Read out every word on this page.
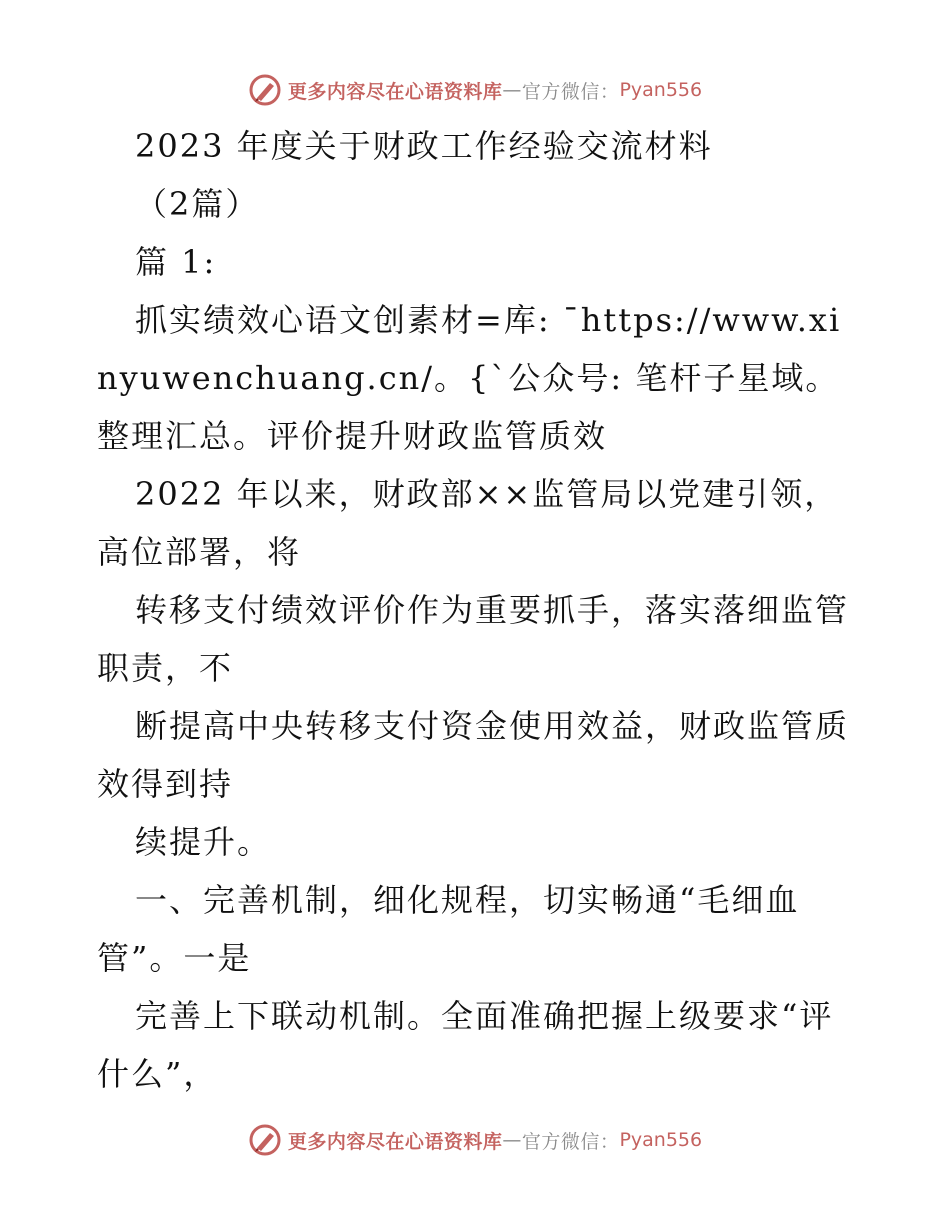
更多内容尽在心语资料库 — 官方微信： Pyan556

2023 年度关于财政工作经验交流材料

（2篇）

篇 1:

抓实绩效心语文创素材=库: ¯https://www.xinyuwenchuang.cn/。{`公众号: 笔杆子星域。整理汇总。评价提升财政监管质效

2022 年以来，财政部××监管局以党建引领，高位部署，将

转移支付绩效评价作为重要抓手，落实落细监管职责，不

断提高中央转移支付资金使用效益，财政监管质效得到持

续提升。

一、完善机制，细化规程，切实畅通“毛细血管”。一是

完善上下联动机制。全面准确把握上级要求“评什么”，

更多内容尽在心语资料库 — 官方微信： Pyan556
